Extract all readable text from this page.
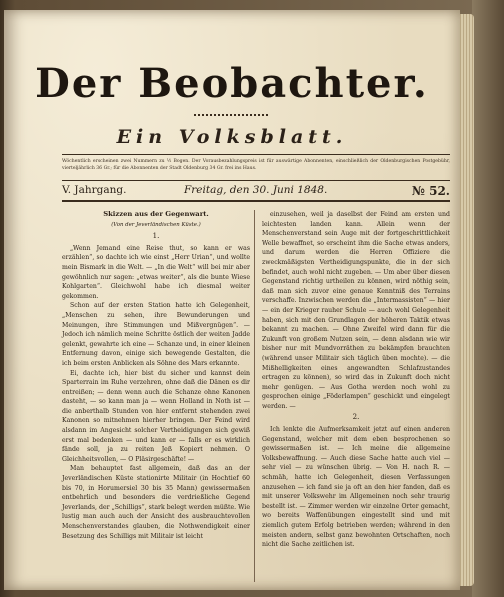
Der Beobachter.
Ein Volksblatt.
Wöchentlich erscheinen zwei Nummern zu ½ Bogen. Der Vorausbezahlungspreis ist für auswärtige Abonnenten, einschließlich der Oldenburgischen Postgebühr, vierteljährlich 36 Gr.; für die Abonnenten der Stadt Oldenburg 34 Gr. frei ins Haus.
V. Jahrgang.	Freitag, den 30. Juni 1848.	№ 52.
Skizzen aus der Gegenwart.
(Von der Jeverländischen Küste.)
1.
„Wenn Jemand eine Reise thut, so kann er was erzählen“, so dachte ich wie einst „Herr Urian“, und wollte mein Bismark in die Welt. — „In die Welt“ will bei mir aber gewöhnlich nur sagen: „etwas weiter“, als die bunte Wiese Kohlgarten“. Gleichwohl habe ich diesmal weiter gekommen.
Schon auf der ersten Station hatte ich Gelegenheit, „Menschen zu sehen, ihre Bewunderungen und Meinungen, ihre Stimmungen und Mißvergnügen“. — Jedoch ich nämlich meine Schritte östlich der weiten Jadde gelenkt, gewahrte ich eine — Schanze und, in einer kleinen Entfernung davon, einige sich bewegende Gestalten, die ich beim ersten Anblicken als Söhne des Mars erkannte.
Ei, dachte ich, hier bist du sicher und kannst dein Sparterrain im Ruhe verzehren, ohne daß die Dänen es dir entreißen; — denn wenn auch die Schanze ohne Kanonen dasteht, — so kann man ja — wenn Holland in Noth ist — die anberthalb Stunden von hier entfernt stehenden zwei Kanonen so mitnehmen hierher bringen. Der Feind wird alsdann im Angesicht solcher Vertheidigungen sich gewiß erst mal bedenken — und kann er — falls er es wirklich fände soll, ja zu reiten Jeß Kopiert nehmen. O Gleichheitsvollen, — O Pläsirgeschäfte! —
Man behauptet fast allgemein, daß das an der Jeverländischen Küste stationirte Militair (in Hochtief 60 bis 70, in Horumersiel 30 bis 35 Mann) gewissermaßen entbehrlich und besonders die verdrießliche Gegend Jeverlands, der „Schilligs“, stark belegt werden müßte. Wie lustig man auch auch der Ansicht des ausbrauchtevollen Menschenverstandes glauben, die Nothwendigkeit einer Besetzung des Schilligs mit Militair ist leicht
einzusehen, weil ja daselbst der Feind am ersten und leichtesten landen kann. Allein wenn der Menschenverstand sein Auge mit der fortgeschrittlichkeit Welle bewaffnet, so erscheint ihm die Sache etwas anders, und darum werden die Herren Offiziere die zweckmäßigsten Vertheidigungspunkte, die in der sich befindet, auch wohl nicht zugeben. — Um aber über diesen Gegenstand richtig urtheilen zu können, wird nöthig sein, daß man sich zuvor eine genaue Kenntniß des Terrains verschaffe. Inzwischen werden die „Intermassisten“ — hier — ein der Krieger rauher Schule — auch wohl Gelegenheit haben, sich mit den Grundlagen der höheren Taktik etwas bekannt zu machen. — Ohne Zweifel wird dann für die Zukunft von großem Nutzen sein, — denn alsdann wie wir bisher nur mit Mundvorräthen zu bekämpfen brauchten (während unser Militair sich täglich üben mochte). — die Mißhelligkeiten eines angewandten Schlafzustandes ertragen zu können), so wird das in Zukunft doch nicht mehr genügen. — Aus Gotha werden noch wohl zu gesprochen einige „Föderlampen“ geschickt und eingelegt werden. —
2.
Ich lenkte die Aufmerksamkeit jetzt auf einen anderen Gegenstand, welcher mit dem eben besprochenen so gewissermaßen ist. — Ich meine die allgemeine Volksbewaffnung. — Auch diese Sache hatte auch viel — sehr viel — zu wünschen übrig. — Von H. nach R. — schmäh, hatte ich Gelegenheit, diesen Verfassungen anzusehen — ich fand sie ja oft an den hier fanden, daß es mit unserer Volkswehr im Allgemeinen noch sehr traurig bestellt ist. — Zimmer werden wir einzelne Orter gemacht, wo bereits Waffenübungen eingestellt sind und mit ziemlich gutem Erfolg betrieben werden; während in den meisten andern, selbst ganz bewohnten Ortschaften, noch nicht die Sache zeitlichen ist.
